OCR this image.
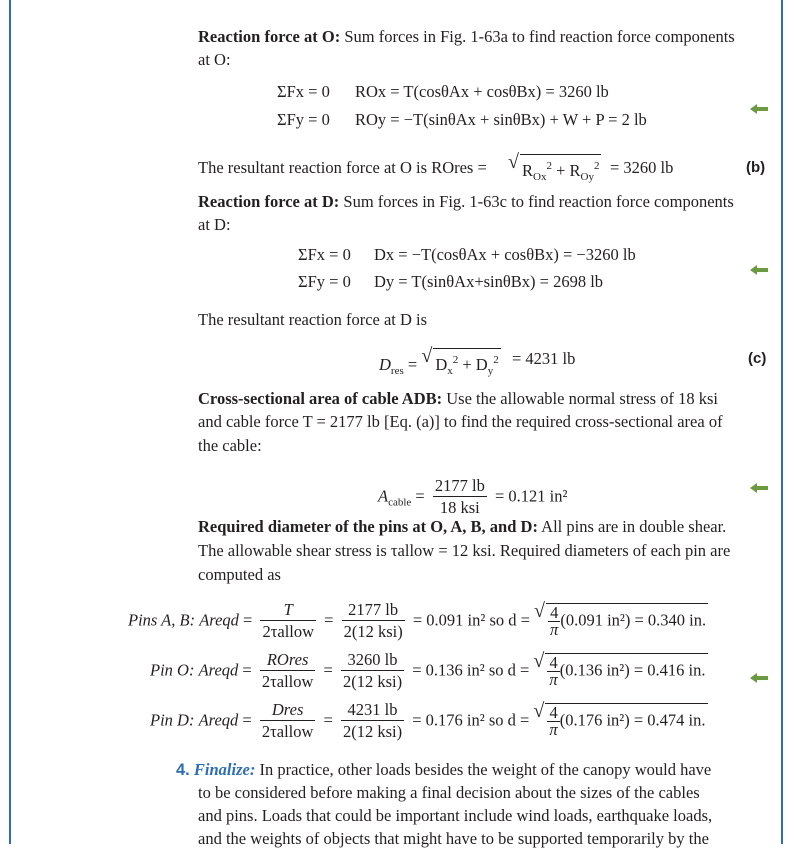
Reaction force at O: Sum forces in Fig. 1-63a to find reaction force components
at O:
ΣFx = 0 ROx = T(cosθAx + cosθBx) = 3260 lb
ΣFy = 0 ROy = −T(sinθAx + sinθBx) + W + P = 2 lb
The resultant reaction force at O is ROres = √ $R_{Ox}^2 + R_{Oy}^2 = 3260$ lb	(b)
Reaction force at D: Sum forces in Fig. 1-63c to find reaction force components
at D:
ΣFx = 0 Dx = −T(cosθAx + cosθBx) = −3260 lb
ΣFy = 0 Dy = T(sinθAx+sinθBx) = 2698 lb
The resultant reaction force at D is
$D_{res}$ = √ $D_x^2 + D_y^2 = 4231$ lb	(c)
Cross-sectional area of cable ADB: Use the allowable normal stress of 18 ksi
and cable force T = 2177 lb [Eq. (a)] to find the required cross-sectional area of
the cable:
$A_{cable} = \frac{2177 lb}{\text{18 ksi}} = 0.121$ in²
Required diameter of the pins at O, A, B, and D: All pins are in double shear.
The allowable shear stress is τallow = 12 ksi. Required diameters of each pin are
computed as
Pins A, B: Areqd = $\frac{T}{\text{2τallow}} = \frac{2177 lb}{\text{2(12 ksi)}} = 0.091$ in² so d = √ $\frac{4}{\pi} (0.091$ in²) = 0.340 in.
Pin O: Areqd = $\frac{\text{ROres}}{\text{2τallow}} = \frac{3260 lb}{\text{2(12 ksi)}} = 0.136$ in² so d = √ $\frac{4}{\pi} (0.136$ in²) = 0.416 in.
Pin D: Areqd = $\frac{\text{Dres}}{\text{2τallow}} = \frac{4231 lb}{\text{2(12 ksi)}} = 0.176$ in² so d = √ $\frac{4}{\pi} (0.176$ in²) = 0.474 in.
4. Finalize: In practice, other loads besides the weight of the canopy would have
to be considered before making a final decision about the sizes of the cables
and pins. Loads that could be important include wind loads, earthquake loads,
and the weights of objects that might have to be supported temporarily by the
